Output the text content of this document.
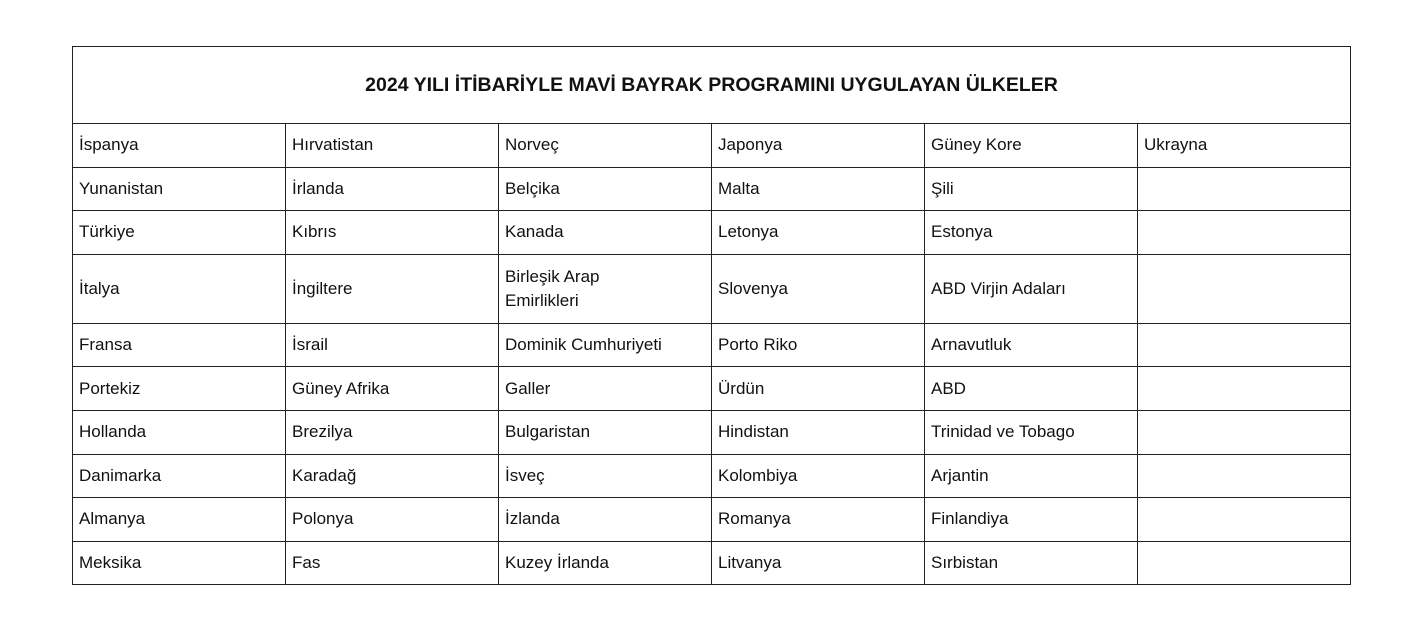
2024 YILI İTİBARİYLE MAVİ BAYRAK PROGRAMINI UYGULAYAN ÜLKELER					
İspanya	Hırvatistan	Norveç	Japonya	Güney Kore	Ukrayna
Yunanistan	İrlanda	Belçika	Malta	Şili	
Türkiye	Kıbrıs	Kanada	Letonya	Estonya	
İtalya	İngiltere	Birleşik Arap Emirlikleri	Slovenya	ABD Virjin Adaları	
Fransa	İsrail	Dominik Cumhuriyeti	Porto Riko	Arnavutluk	
Portekiz	Güney Afrika	Galler	Ürdün	ABD	
Hollanda	Brezilya	Bulgaristan	Hindistan	Trinidad ve Tobago	
Danimarka	Karadağ	İsveç	Kolombiya	Arjantin	
Almanya	Polonya	İzlanda	Romanya	Finlandiya	
Meksika	Fas	Kuzey İrlanda	Litvanya	Sırbistan	
